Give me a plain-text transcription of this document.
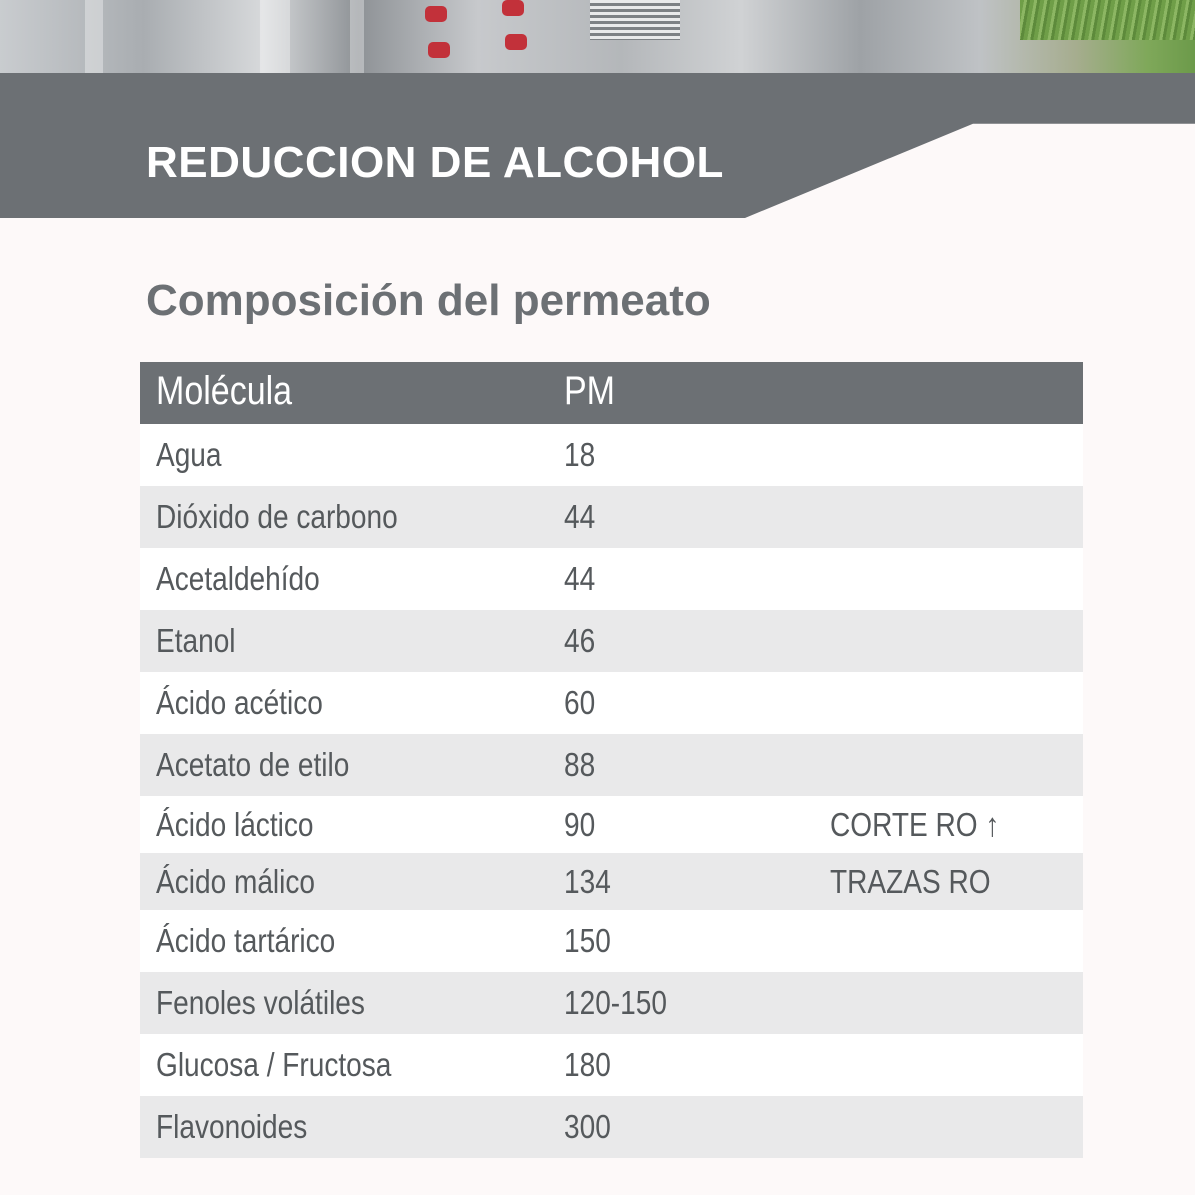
REDUCCION DE ALCOHOL
Composición del permeato
Molécula	PM
Agua	18
Dióxido de carbono	44
Acetaldehído	44
Etanol	46
Ácido acético	60
Acetato de etilo	88
Ácido láctico	90	CORTE RO ↑
Ácido málico	134	TRAZAS RO
Ácido tartárico	150
Fenoles volátiles	120-150
Glucosa / Fructosa	180
Flavonoides	300
